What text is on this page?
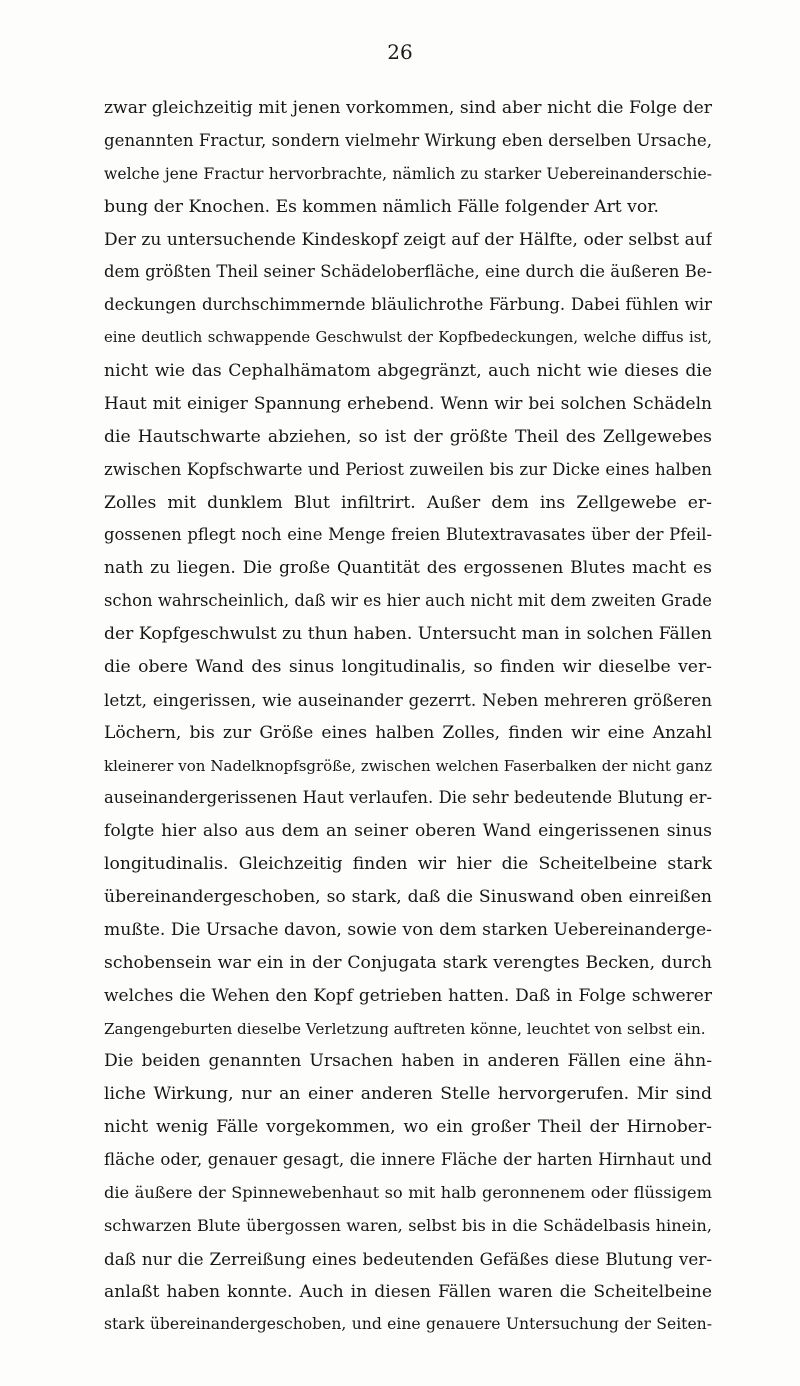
26
zwar gleichzeitig mit jenen vorkommen, sind aber nicht die Folge der
genannten Fractur, sondern vielmehr Wirkung eben derselben Ursache,
welche jene Fractur hervorbrachte, nämlich zu starker Uebereinanderschie-
bung der Knochen. Es kommen nämlich Fälle folgender Art vor.
Der zu untersuchende Kindeskopf zeigt auf der Hälfte, oder selbst auf
dem größten Theil seiner Schädeloberfläche, eine durch die äußeren Be-
deckungen durchschimmernde bläulichrothe Färbung. Dabei fühlen wir
eine deutlich schwappende Geschwulst der Kopfbedeckungen, welche diffus ist,
nicht wie das Cephalhämatom abgegränzt, auch nicht wie dieses die
Haut mit einiger Spannung erhebend. Wenn wir bei solchen Schädeln
die Hautschwarte abziehen, so ist der größte Theil des Zellgewebes
zwischen Kopfschwarte und Periost zuweilen bis zur Dicke eines halben
Zolles mit dunklem Blut infiltrirt. Außer dem ins Zellgewebe er-
gossenen pflegt noch eine Menge freien Blutextravasates über der Pfeil-
nath zu liegen. Die große Quantität des ergossenen Blutes macht es
schon wahrscheinlich, daß wir es hier auch nicht mit dem zweiten Grade
der Kopfgeschwulst zu thun haben. Untersucht man in solchen Fällen
die obere Wand des sinus longitudinalis, so finden wir dieselbe ver-
letzt, eingerissen, wie auseinander gezerrt. Neben mehreren größeren
Löchern, bis zur Größe eines halben Zolles, finden wir eine Anzahl
kleinerer von Nadelknopfsgröße, zwischen welchen Faserbalken der nicht ganz
auseinandergerissenen Haut verlaufen. Die sehr bedeutende Blutung er-
folgte hier also aus dem an seiner oberen Wand eingerissenen sinus
longitudinalis. Gleichzeitig finden wir hier die Scheitelbeine stark
übereinandergeschoben, so stark, daß die Sinuswand oben einreißen
mußte. Die Ursache davon, sowie von dem starken Uebereinanderge-
schobensein war ein in der Conjugata stark verengtes Becken, durch
welches die Wehen den Kopf getrieben hatten. Daß in Folge schwerer
Zangengeburten dieselbe Verletzung auftreten könne, leuchtet von selbst ein.
Die beiden genannten Ursachen haben in anderen Fällen eine ähn-
liche Wirkung, nur an einer anderen Stelle hervorgerufen. Mir sind
nicht wenig Fälle vorgekommen, wo ein großer Theil der Hirnober-
fläche oder, genauer gesagt, die innere Fläche der harten Hirnhaut und
die äußere der Spinnewebenhaut so mit halb geronnenem oder flüssigem
schwarzen Blute übergossen waren, selbst bis in die Schädelbasis hinein,
daß nur die Zerreißung eines bedeutenden Gefäßes diese Blutung ver-
anlaßt haben konnte. Auch in diesen Fällen waren die Scheitelbeine
stark übereinandergeschoben, und eine genauere Untersuchung der Seiten-
